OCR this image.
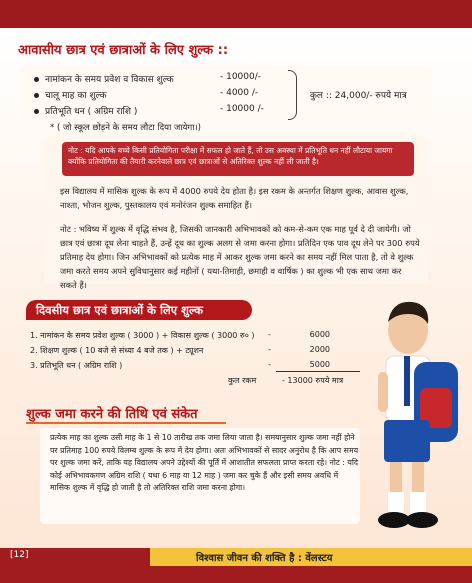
आवासीय छात्र एवं छात्राओं के लिए शुल्क ::
नामांकन के समय प्रवेश व विकास शुल्क	- 10000/-
चालू माह का शुल्क	- 4000 /-
प्रतिभूति धन ( अग्रिम राशि )	- 10000 /-
कुल :: 24,000/- रुपये मात्र
* ( जो स्कूल छोड़ने के समय लौटा दिया जायेगा।)
नोट : यदि आपके बच्चे किसी प्रतियोगिता परीक्षा में सफल हो जाते हैं, तो उस अवस्था में प्रतिभूति धन नहीं लौटाया जायगा क्योंकि प्रतियोगिता की तैयारी करनेवाले छात्र एवं छात्राओं से अतिरिक्त शुल्क नहीं ली जाती है।
इस विद्यालय में मासिक शुल्क के रूप में 4000 रुपये देय होता है। इस रकम के अन्तर्गत शिक्षण शुल्क, आवास शुल्क, नाश्ता, भोजन शुल्क, पुस्तकालय एवं मनोरंजन शुल्क समाहित हैं।
नोट : भविष्य में शुल्क में वृद्धि संभव है, जिसकी जानकारी अभिभावकों को कम-से-कम एक माह पूर्व दे दी जायेगी। जो छात्र एवं छात्रा दूध लेना चाहते हैं, उन्हें दूध का शुल्क अलग से जमा करना होगा। प्रतिदिन एक पाव दूध लेने पर 300 रुपये प्रतिमाह देय होगा। जिन अभिभावकों को प्रत्येक माह में आकर शुल्क जमा करने का समय नहीं मिल पाता है, तो वे शुल्क जमा करते समय अपने सुविधानुसार कई महीनों ( यथा-तिमाही, छमाही व वार्षिक ) का शुल्क भी एक साथ जमा कर सकते हैं।
दिवसीय छात्र एवं छात्राओं के लिए शुल्क
1. नामांकन के समय प्रवेश शुल्क ( 3000 ) + विकास शुल्क ( 3000 रु० ) -	6000
2. शिक्षण शुल्क ( 10 बजे से संध्या 4 बजे तक ) + ट्यूशन	-	2000
3. प्रतिभूति धन ( अग्रिम राशि )	-	5000
कुल रकम	- 13000 रुपये मात्र
शुल्क जमा करने की तिथि एवं संकेत
प्रत्येक माह का शुल्क उसी माह के 1 से 10 तारीख तक जमा लिया जाता है। समयानुसार शुल्क जमा नहीं होने पर प्रतिमाह 100 रुपये विलम्ब शुल्क के रूप में देय होगा। अतः अभिभावकों से सादर अनुरोध है कि आप समय पर शुल्क जमा करें, ताकि यह विद्यालय अपने उद्देश्यों की पूर्ति में आशातीत सफलता प्राप्त करता रहे। नोट : यदि कोई अभिभावकगण अग्रिम राशि ( यथा 6 माह या 12 माह ) जमा कर चुके हैं और इसी समय अवधि में मासिक शुल्क में वृद्धि हो जाती है तो अतिरिक्त राशि जमा करना होगा।
[12]	विश्वास जीवन की शक्ति है : वेंलस्टय
